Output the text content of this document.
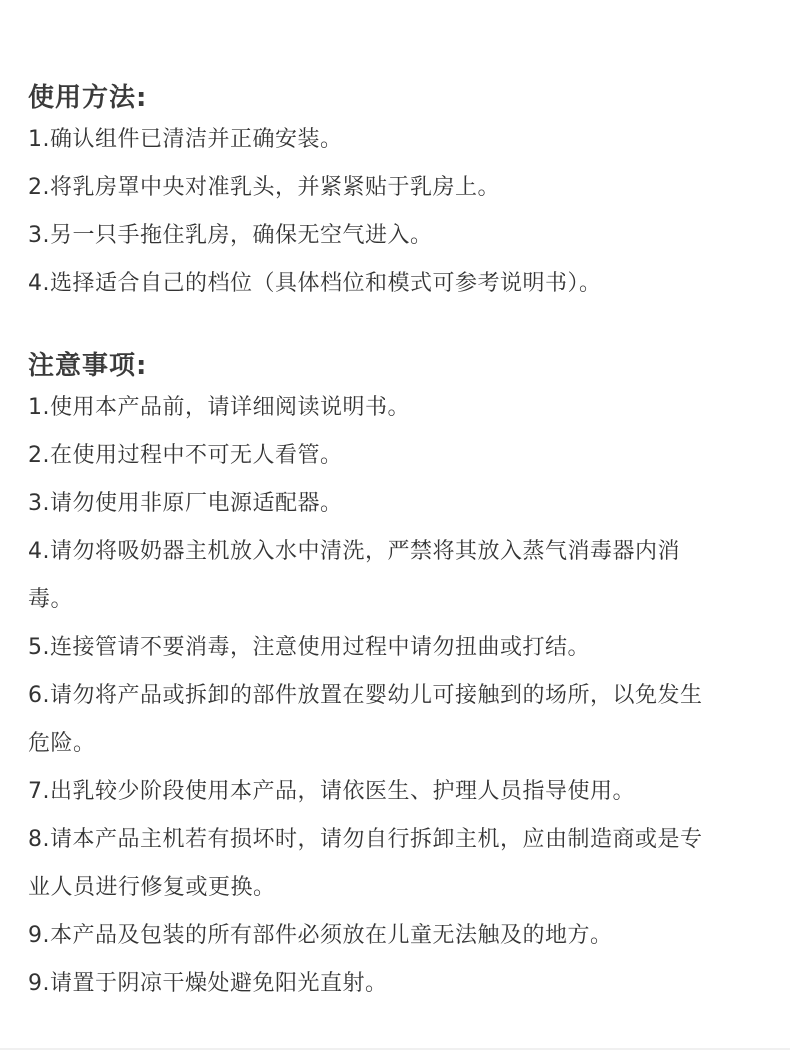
使用方法:
1.确认组件已清洁并正确安装。
2.将乳房罩中央对准乳头，并紧紧贴于乳房上。
3.另一只手拖住乳房，确保无空气进入。
4.选择适合自己的档位（具体档位和模式可参考说明书）。
注意事项:
1.使用本产品前，请详细阅读说明书。
2.在使用过程中不可无人看管。
3.请勿使用非原厂电源适配器。
4.请勿将吸奶器主机放入水中清洗，严禁将其放入蒸气消毒器内消毒。
5.连接管请不要消毒，注意使用过程中请勿扭曲或打结。
6.请勿将产品或拆卸的部件放置在婴幼儿可接触到的场所，以免发生危险。
7.出乳较少阶段使用本产品，请依医生、护理人员指导使用。
8.请本产品主机若有损坏时，请勿自行拆卸主机，应由制造商或是专业人员进行修复或更换。
9.本产品及包装的所有部件必须放在儿童无法触及的地方。
9.请置于阴凉干燥处避免阳光直射。
